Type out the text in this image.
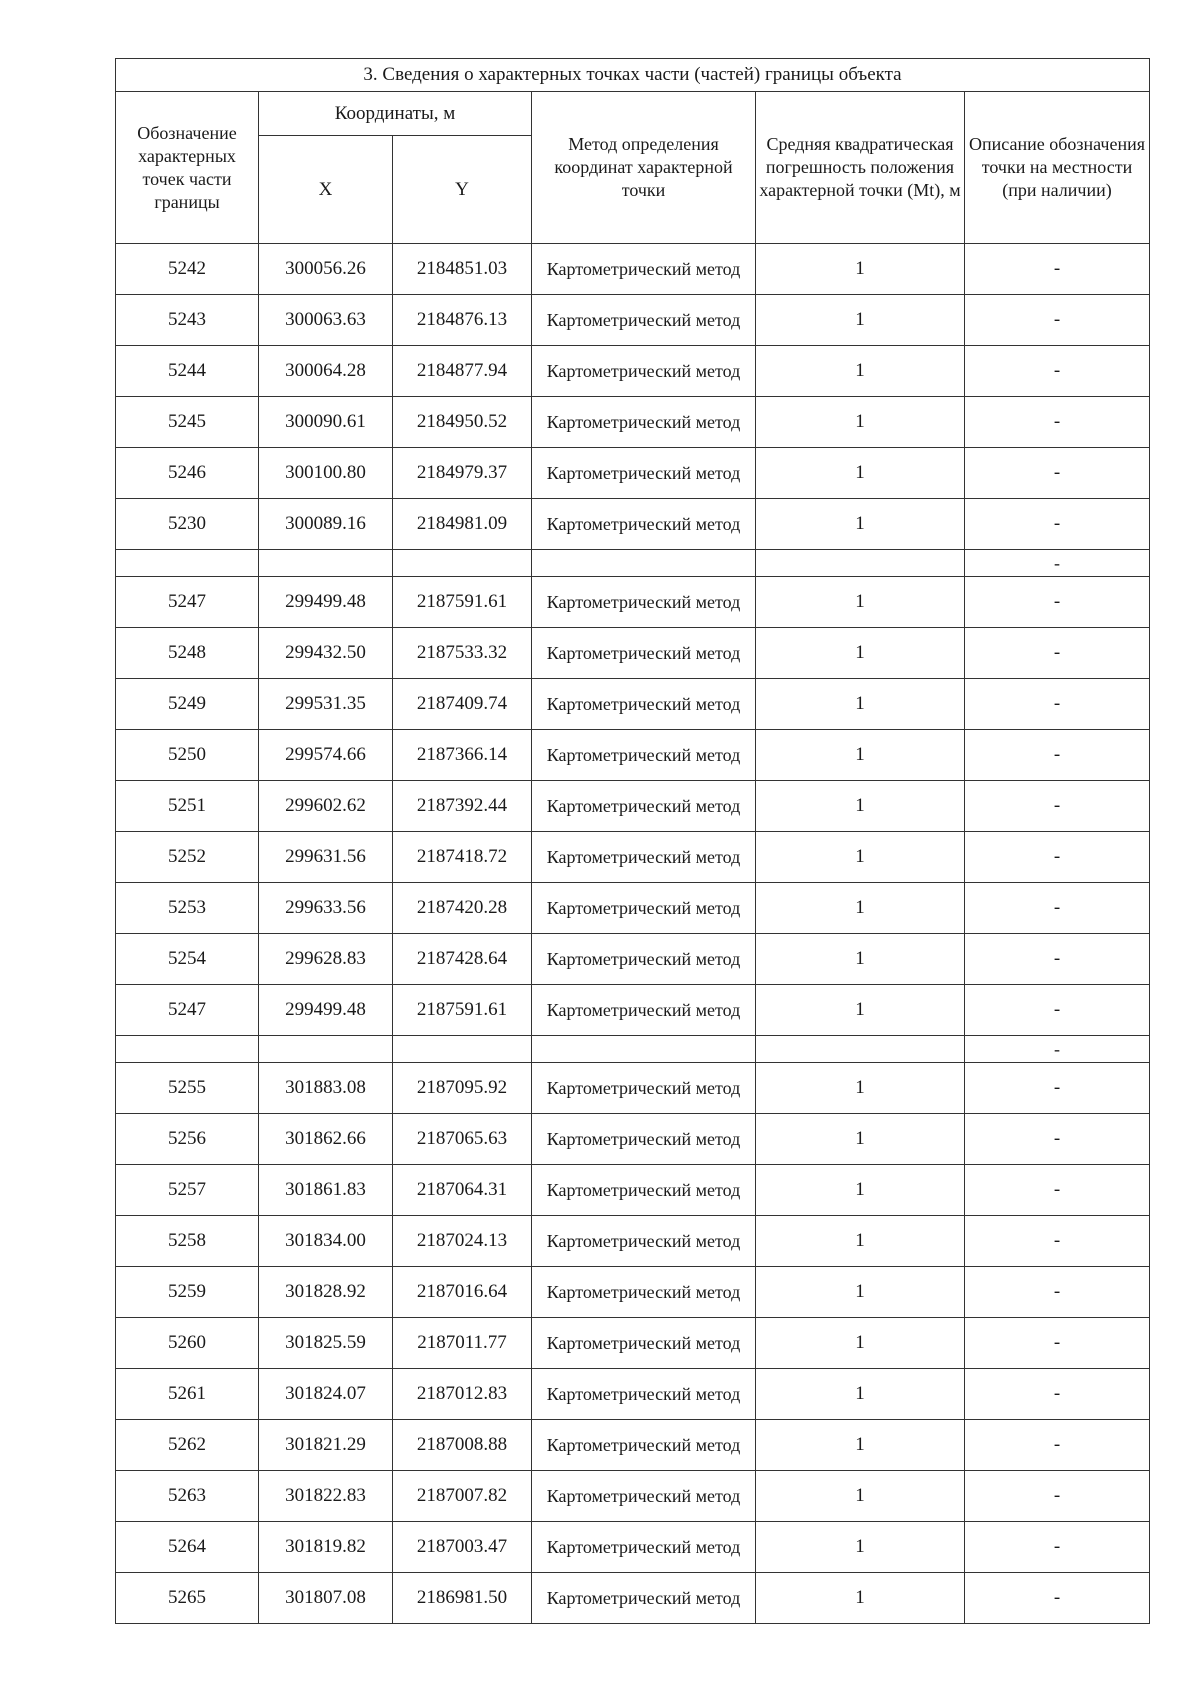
3. Сведения о характерных точках части (частей) границы объекта					
Обозначение характерных точек части границы	Координаты, м		Метод определения координат характерной точки	Средняя квадратическая погрешность положения характерной точки (Mt), м	Описание обозначения точки на местности (при наличии)
	X	Y			
5242	300056.26	2184851.03	Картометрический метод	1	-
5243	300063.63	2184876.13	Картометрический метод	1	-
5244	300064.28	2184877.94	Картометрический метод	1	-
5245	300090.61	2184950.52	Картометрический метод	1	-
5246	300100.80	2184979.37	Картометрический метод	1	-
5230	300089.16	2184981.09	Картометрический метод	1	-
					-
5247	299499.48	2187591.61	Картометрический метод	1	-
5248	299432.50	2187533.32	Картометрический метод	1	-
5249	299531.35	2187409.74	Картометрический метод	1	-
5250	299574.66	2187366.14	Картометрический метод	1	-
5251	299602.62	2187392.44	Картометрический метод	1	-
5252	299631.56	2187418.72	Картометрический метод	1	-
5253	299633.56	2187420.28	Картометрический метод	1	-
5254	299628.83	2187428.64	Картометрический метод	1	-
5247	299499.48	2187591.61	Картометрический метод	1	-
					-
5255	301883.08	2187095.92	Картометрический метод	1	-
5256	301862.66	2187065.63	Картометрический метод	1	-
5257	301861.83	2187064.31	Картометрический метод	1	-
5258	301834.00	2187024.13	Картометрический метод	1	-
5259	301828.92	2187016.64	Картометрический метод	1	-
5260	301825.59	2187011.77	Картометрический метод	1	-
5261	301824.07	2187012.83	Картометрический метод	1	-
5262	301821.29	2187008.88	Картометрический метод	1	-
5263	301822.83	2187007.82	Картометрический метод	1	-
5264	301819.82	2187003.47	Картометрический метод	1	-
5265	301807.08	2186981.50	Картометрический метод	1	-
